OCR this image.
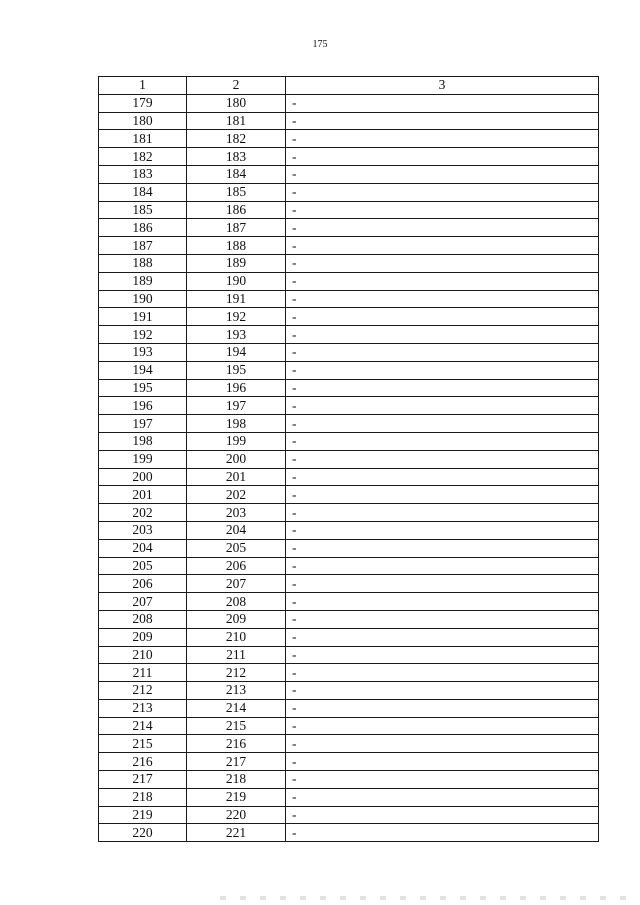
175
1	2	3
179	180	-
180	181	-
181	182	-
182	183	-
183	184	-
184	185	-
185	186	-
186	187	-
187	188	-
188	189	-
189	190	-
190	191	-
191	192	-
192	193	-
193	194	-
194	195	-
195	196	-
196	197	-
197	198	-
198	199	-
199	200	-
200	201	-
201	202	-
202	203	-
203	204	-
204	205	-
205	206	-
206	207	-
207	208	-
208	209	-
209	210	-
210	211	-
211	212	-
212	213	-
213	214	-
214	215	-
215	216	-
216	217	-
217	218	-
218	219	-
219	220	-
220	221	-
